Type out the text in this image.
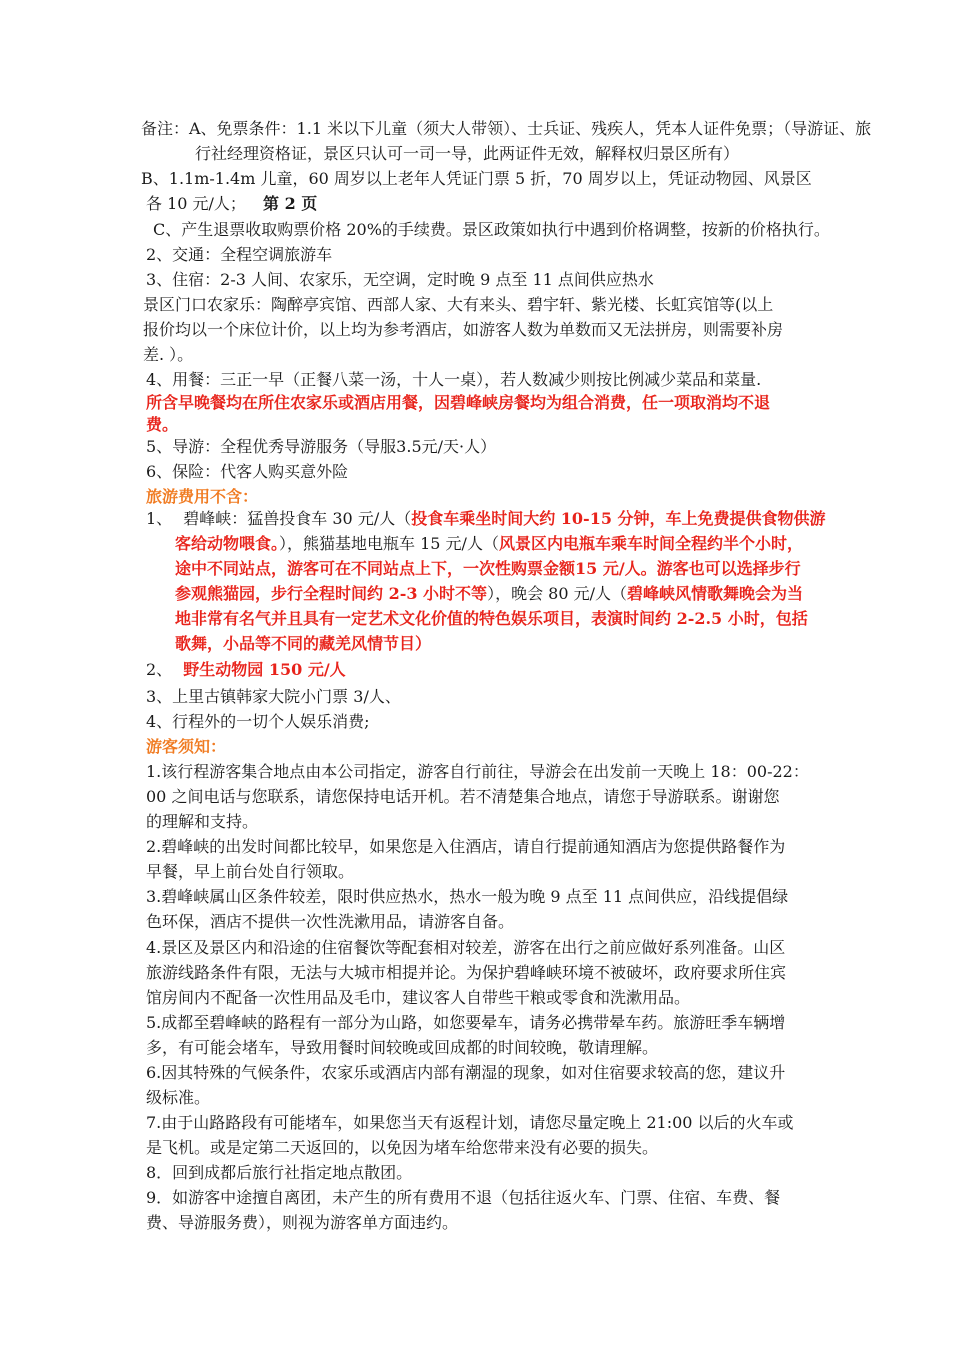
备注：A、免票条件：1.1 米以下儿童（须大人带领）、士兵证、残疾人，凭本人证件免票；（导游证、旅
行社经理资格证，景区只认可一司一导，此两证件无效，解释权归景区所有）
B、1.1m-1.4m 儿童，60 周岁以上老年人凭证门票 5 折，70 周岁以上，凭证动物园、风景区
各 10 元/人； 第 2 页
C、产生退票收取购票价格 20%的手续费。景区政策如执行中遇到价格调整，按新的价格执行。
2、交通：全程空调旅游车
3、住宿：2-3 人间、农家乐，无空调，定时晚 9 点至 11 点间供应热水
景区门口农家乐：陶醉亭宾馆、西部人家、大有来头、碧宇轩、紫光楼、长虹宾馆等(以上
报价均以一个床位计价，以上均为参考酒店，如游客人数为单数而又无法拼房，则需要补房
差. ）。
4、用餐：三正一早（正餐八菜一汤，十人一桌），若人数减少则按比例减少菜品和菜量.
所含早晚餐均在所住农家乐或酒店用餐，因碧峰峡房餐均为组合消费，任一项取消均不退
费。
5、导游：全程优秀导游服务（导服3.5元/天·人）
6、保险：代客人购买意外险
旅游费用不含：
1、 碧峰峡：猛兽投食车 30 元/人（投食车乘坐时间大约 10-15 分钟，车上免费提供食物供游
客给动物喂食。），熊猫基地电瓶车 15 元/人（风景区内电瓶车乘车时间全程约半个小时，
途中不同站点，游客可在不同站点上下，一次性购票金额15 元/人。游客也可以选择步行
参观熊猫园，步行全程时间约 2-3 小时不等），晚会 80 元/人（碧峰峡风情歌舞晚会为当
地非常有名气并且具有一定艺术文化价值的特色娱乐项目，表演时间约 2-2.5 小时，包括
歌舞，小品等不同的藏羌风情节目）
2、 野生动物园 150 元/人
3、上里古镇韩家大院小门票 3/人、
4、行程外的一切个人娱乐消费;
游客须知：
1.该行程游客集合地点由本公司指定，游客自行前往，导游会在出发前一天晚上 18：00-22：
00 之间电话与您联系，请您保持电话开机。若不清楚集合地点，请您于导游联系。谢谢您
的理解和支持。
2.碧峰峡的出发时间都比较早，如果您是入住酒店，请自行提前通知酒店为您提供路餐作为
早餐，早上前台处自行领取。
3.碧峰峡属山区条件较差，限时供应热水，热水一般为晚 9 点至 11 点间供应，沿线提倡绿
色环保，酒店不提供一次性洗漱用品，请游客自备。
4.景区及景区内和沿途的住宿餐饮等配套相对较差，游客在出行之前应做好系列准备。山区
旅游线路条件有限，无法与大城市相提并论。为保护碧峰峡环境不被破坏，政府要求所住宾
馆房间内不配备一次性用品及毛巾，建议客人自带些干粮或零食和洗漱用品。
5.成都至碧峰峡的路程有一部分为山路，如您要晕车，请务必携带晕车药。旅游旺季车辆增
多，有可能会堵车，导致用餐时间较晚或回成都的时间较晚，敬请理解。
6.因其特殊的气候条件，农家乐或酒店内部有潮湿的现象，如对住宿要求较高的您，建议升
级标准。
7.由于山路路段有可能堵车，如果您当天有返程计划，请您尽量定晚上 21:00 以后的火车或
是飞机。或是定第二天返回的，以免因为堵车给您带来没有必要的损失。
8．回到成都后旅行社指定地点散团。
9．如游客中途擅自离团，未产生的所有费用不退（包括往返火车、门票、住宿、车费、餐
费、导游服务费），则视为游客单方面违约。
